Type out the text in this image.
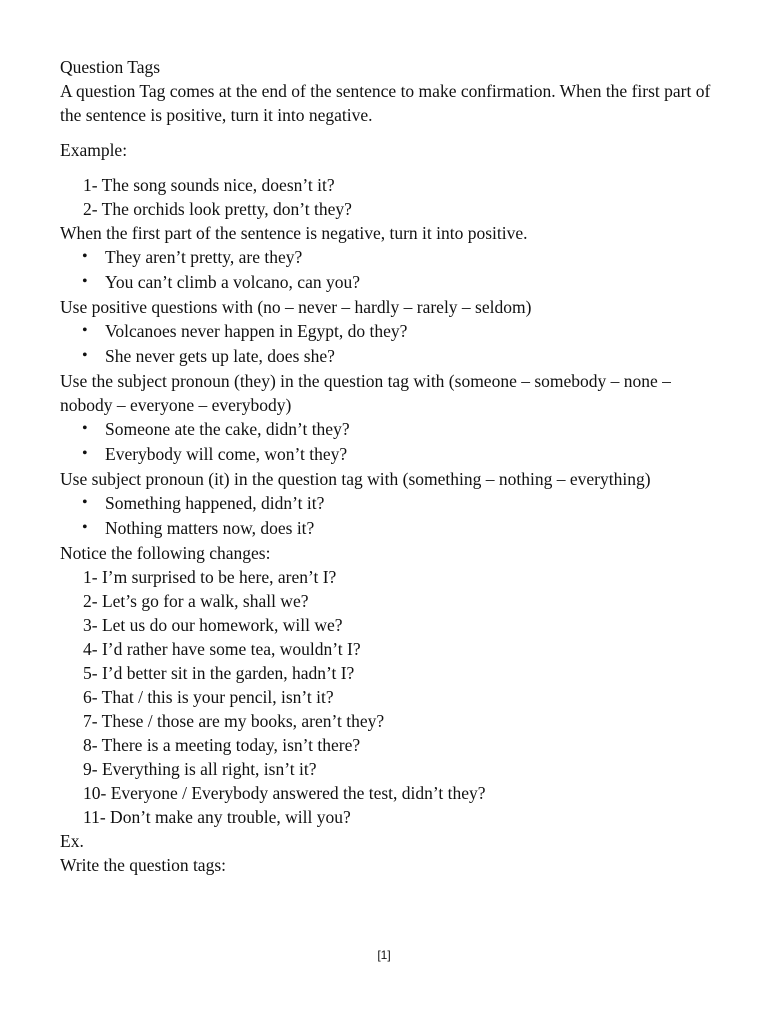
Question Tags

A question Tag comes at the end of the sentence to make confirmation. When the first part of the sentence is positive, turn it into negative.

Example:

1- The song sounds nice, doesn’t it?
2- The orchids look pretty, don’t they?

When the first part of the sentence is negative, turn it into positive.

• They aren’t pretty, are they?
• You can’t climb a volcano, can you?

Use positive questions with (no – never – hardly – rarely – seldom)

• Volcanoes never happen in Egypt, do they?
• She never gets up late, does she?

Use the subject pronoun (they) in the question tag with (someone – somebody – none – nobody – everyone – everybody)

• Someone ate the cake, didn’t they?
• Everybody will come, won’t they?

Use subject pronoun (it) in the question tag with (something – nothing – everything)

• Something happened, didn’t it?
• Nothing matters now, does it?

Notice the following changes:

1- I’m surprised to be here, aren’t I?
2- Let’s go for a walk, shall we?
3- Let us do our homework, will we?
4- I’d rather have some tea, wouldn’t I?
5- I’d better sit in the garden, hadn’t I?
6- That / this is your pencil, isn’t it?
7- These / those are my books, aren’t they?
8- There is a meeting today, isn’t there?
9- Everything is all right, isn’t it?
10- Everyone / Everybody answered the test, didn’t they?
11- Don’t make any trouble, will you?

Ex.

Write the question tags:

[1]
